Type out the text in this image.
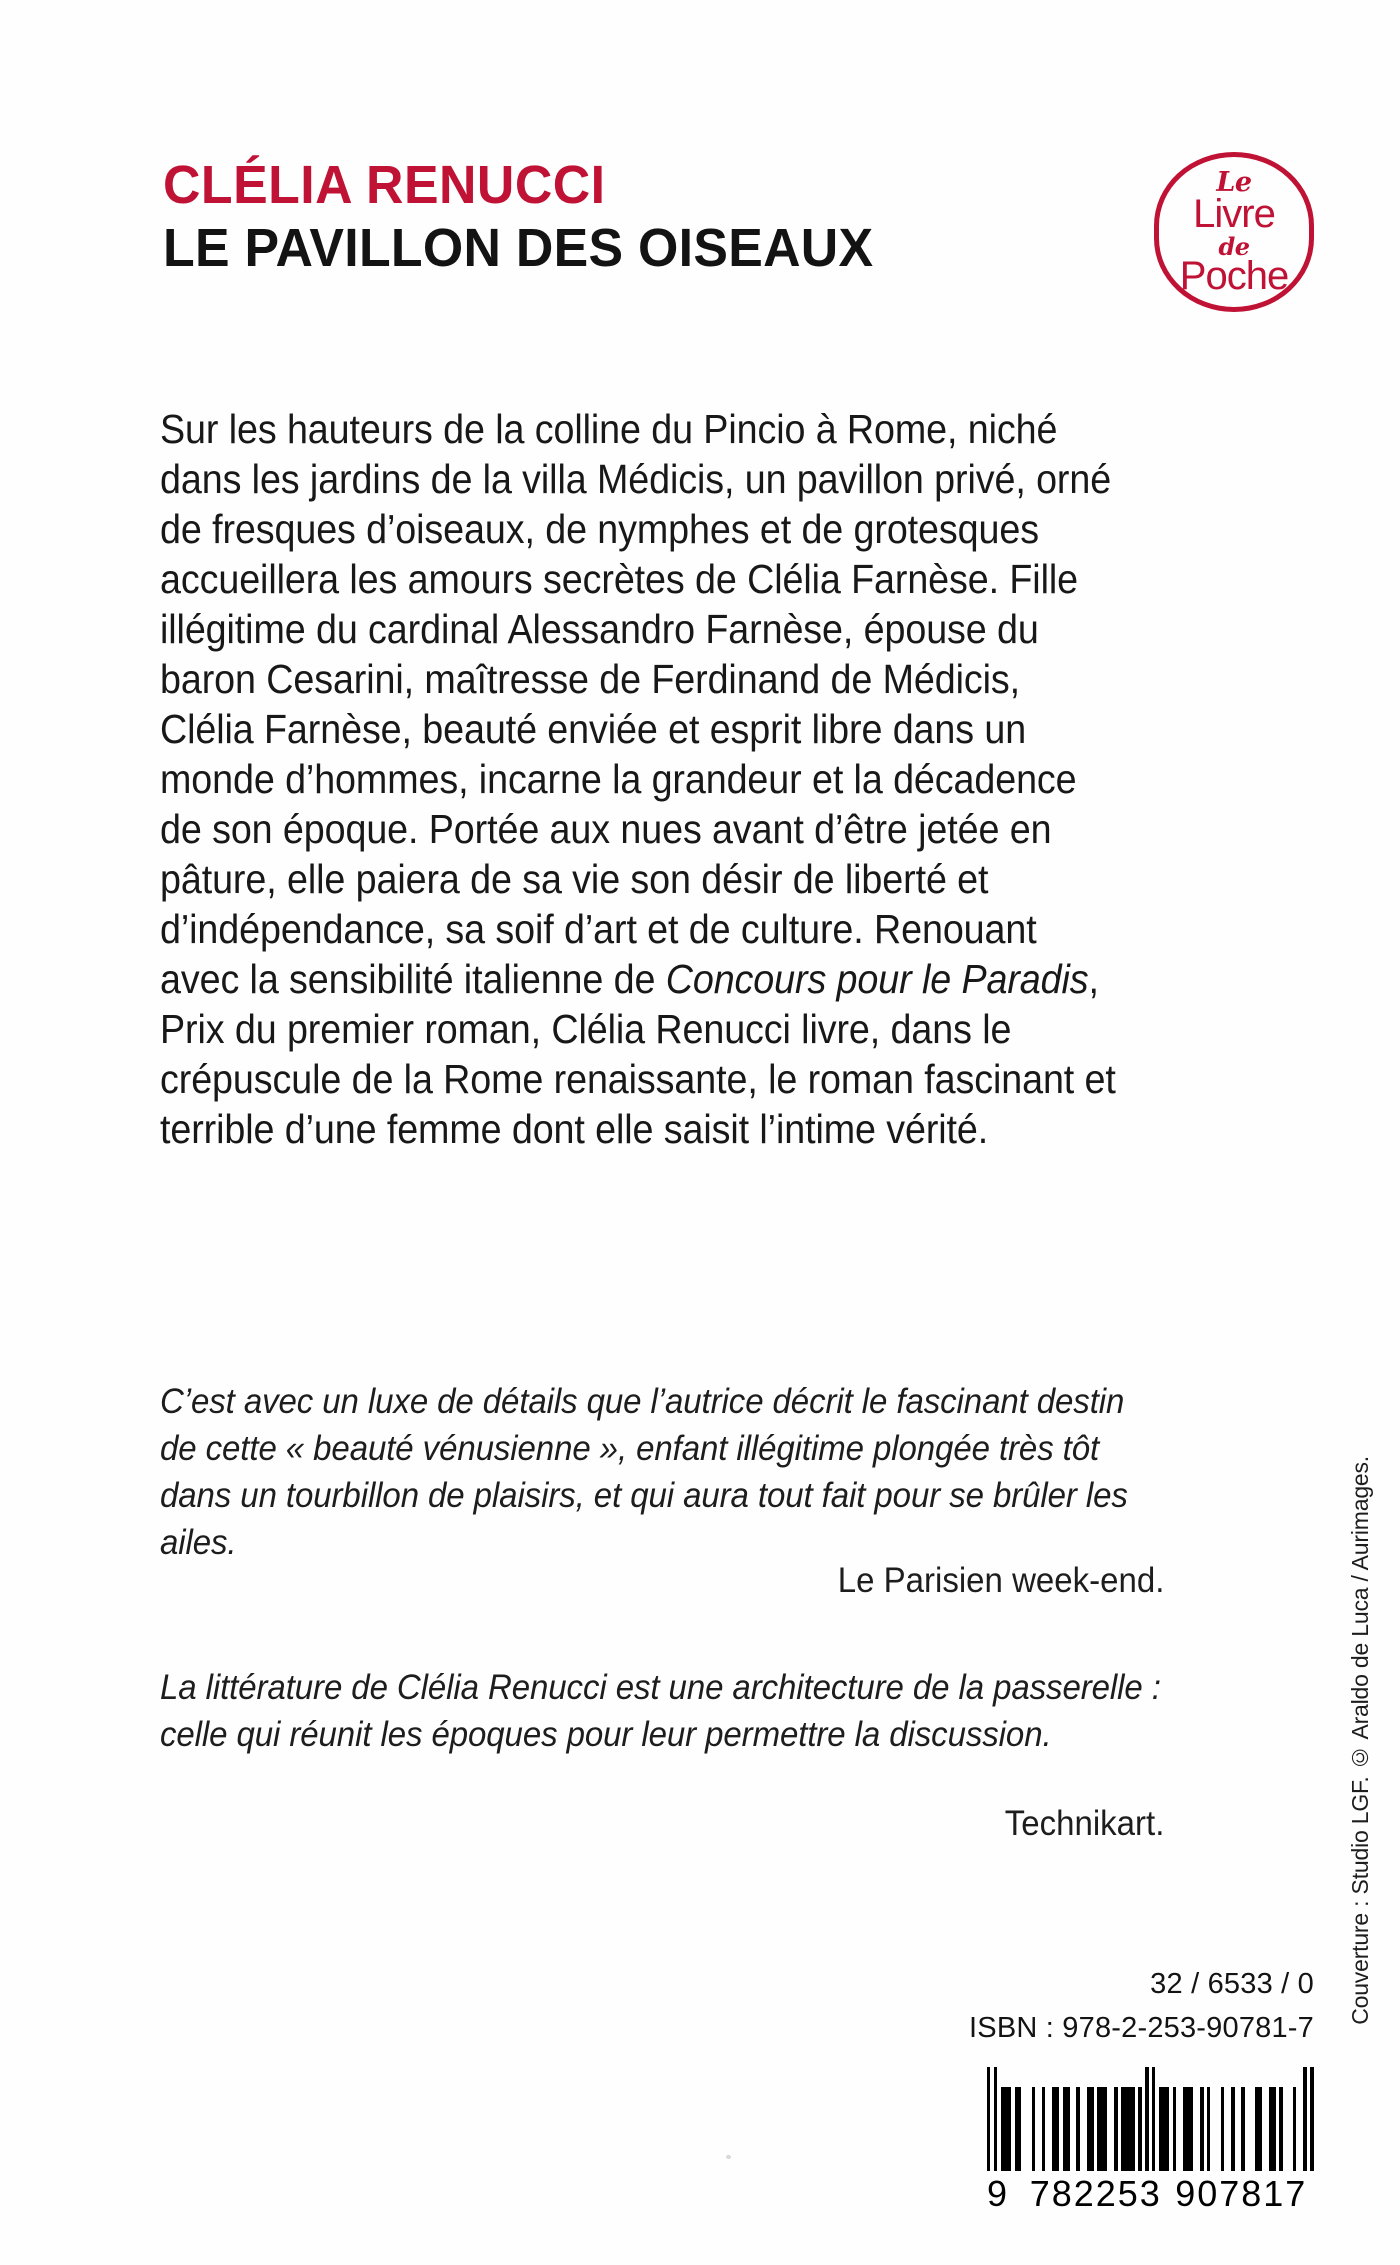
CLÉLIA RENUCCI
LE PAVILLON DES OISEAUX
Le
Livre
de
Poche
Sur les hauteurs de la colline du Pincio à Rome, niché dans les jardins de la villa Médicis, un pavillon privé, orné de fresques d’oiseaux, de nymphes et de grotesques accueillera les amours secrètes de Clélia Farnèse. Fille illégitime du cardinal Alessandro Farnèse, épouse du baron Cesarini, maîtresse de Ferdinand de Médicis, Clélia Farnèse, beauté enviée et esprit libre dans un monde d’hommes, incarne la grandeur et la décadence de son époque. Portée aux nues avant d’être jetée en pâture, elle paiera de sa vie son désir de liberté et d’indépendance, sa soif d’art et de culture. Renouant avec la sensibilité italienne de Concours pour le Paradis, Prix du premier roman, Clélia Renucci livre, dans le crépuscule de la Rome renaissante, le roman fascinant et terrible d’une femme dont elle saisit l’intime vérité.
C’est avec un luxe de détails que l’autrice décrit le fascinant destin de cette « beauté vénusienne », enfant illégitime plongée très tôt dans un tourbillon de plaisirs, et qui aura tout fait pour se brûler les ailes.
Le Parisien week-end.
La littérature de Clélia Renucci est une architecture de la passerelle : celle qui réunit les époques pour leur permettre la discussion.
Technikart.	Couverture : Studio LGF. © Araldo de Luca / Aurimages.
32 / 6533 / 0
ISBN : 978-2-253-90781-7
9 782253 907817
